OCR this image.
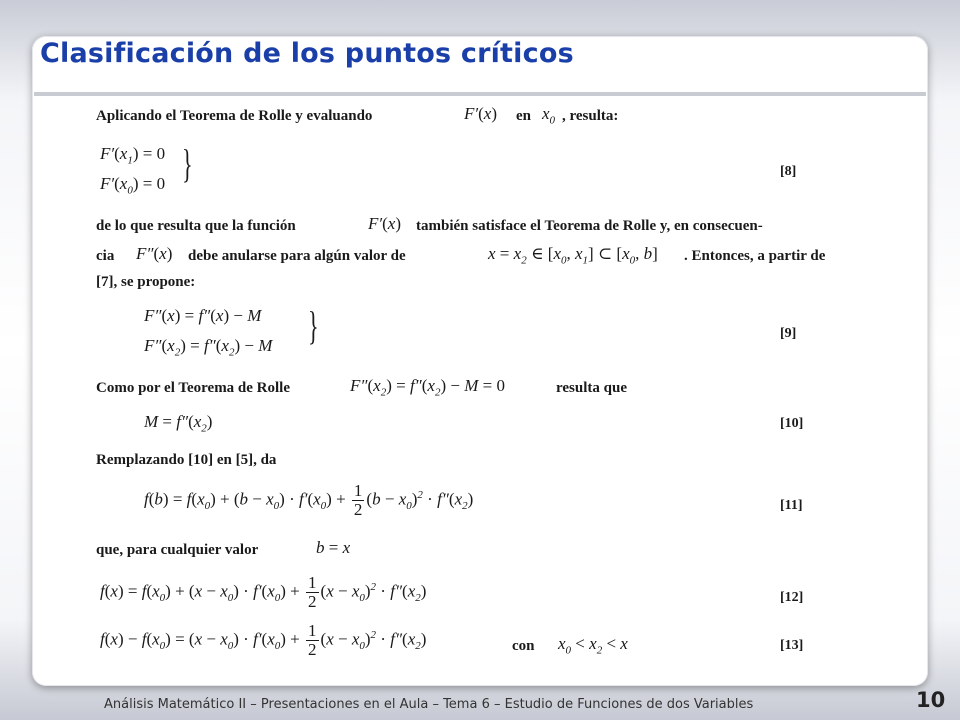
Clasificación de los puntos críticos
Aplicando el Teorema de Rolle y evaluando	F′(x) en $x_0$ , resulta:
$F'(x_1) = 0$
$F'(x_0) = 0$ }	[8]
de lo que resulta que la función	F′(x) también satisface el Teorema de Rolle y, en consecuen-
cia F″(x) debe anularse para algún valor de	$x = x_2$ ∈ [$x_0$, $x_1$] ⊂ [$x_0$, b] . Entonces, a partir de
[7], se propone:
F″(x) = f″(x) − M
$F''(x_2) = f''(x_2) - M$ }	[9]
Como por el Teorema de Rolle	$F''(x_2) = f''(x_2) - M = 0$	resulta que
$M = f''(x_2)$	[10]
Remplazando [10] en [5], da
$f(b) = f(x_0) + (b - x_0) \cdot f'(x_0) + \frac{1}{2} (b - x_0)^2 \cdot f''(x_2)$	[11]
que, para cualquier valor	b = x
$f(x) = f(x_0) + (x - x_0) \cdot f'(x_0) + \frac{1}{2} (x - x_0)^2 \cdot f''(x_2)$	[12]
$f(x) - f(x_0) = (x - x_0) \cdot f'(x_0) + \frac{1}{2} (x - x_0)^2 \cdot f''(x_2)$	con $x_0 < x_2 < x$	[13]
Análisis Matemático II – Presentaciones en el Aula – Tema 6 – Estudio de Funciones de dos Variables	10
